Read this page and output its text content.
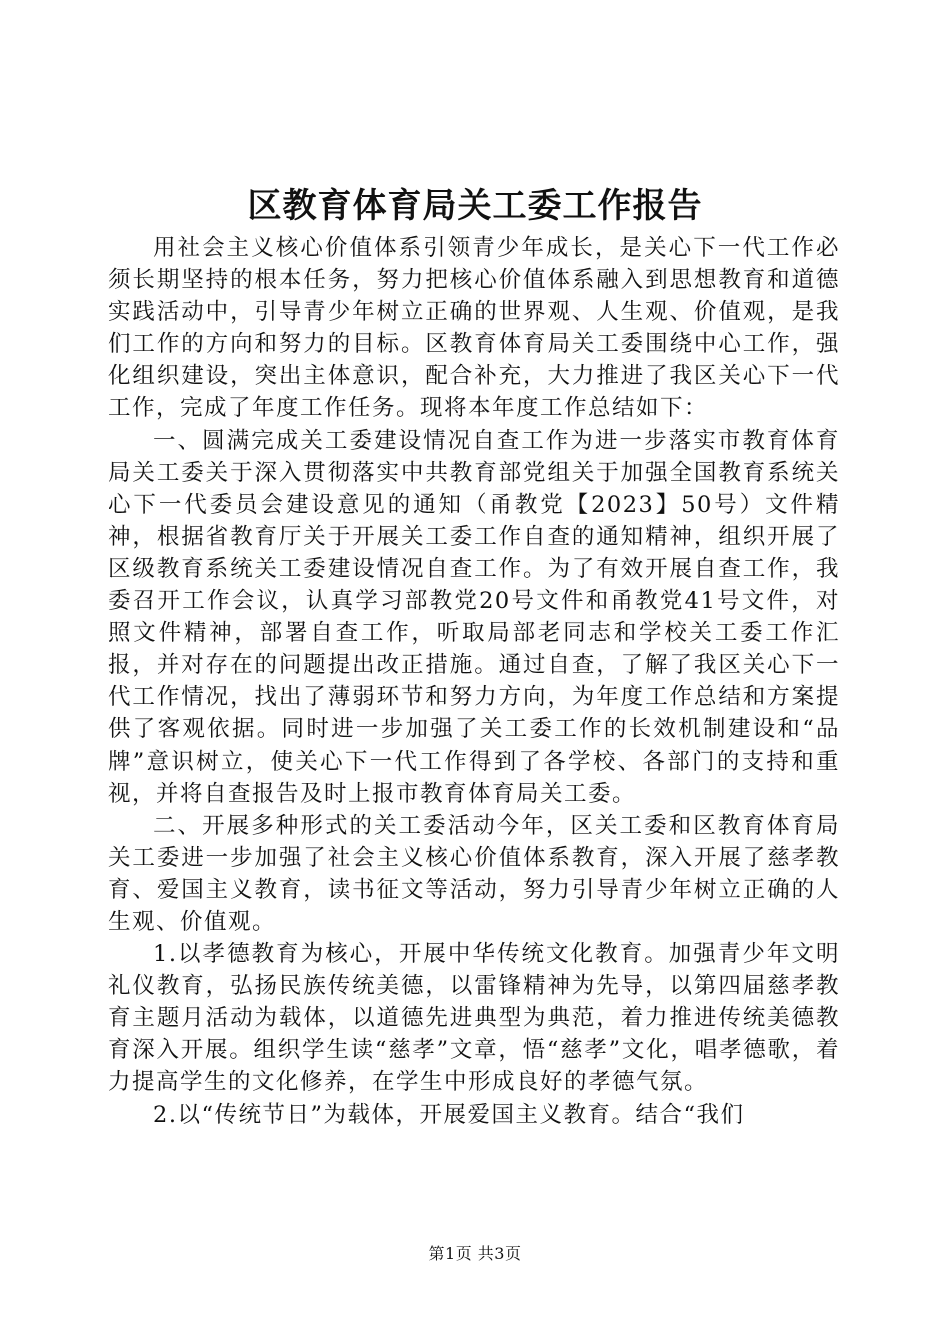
区教育体育局关工委工作报告

用社会主义核心价值体系引领青少年成长，是关心下一代工作必须长期坚持的根本任务，努力把核心价值体系融入到思想教育和道德实践活动中，引导青少年树立正确的世界观、人生观、价值观，是我们工作的方向和努力的目标。区教育体育局关工委围绕中心工作，强化组织建设，突出主体意识，配合补充，大力推进了我区关心下一代工作，完成了年度工作任务。现将本年度工作总结如下：

一、圆满完成关工委建设情况自查工作为进一步落实市教育体育局关工委关于深入贯彻落实中共教育部党组关于加强全国教育系统关心下一代委员会建设意见的通知（甬教党【2023】50号）文件精神，根据省教育厅关于开展关工委工作自查的通知精神，组织开展了区级教育系统关工委建设情况自查工作。为了有效开展自查工作，我委召开工作会议，认真学习部教党20号文件和甬教党41号文件，对照文件精神，部署自查工作，听取局部老同志和学校关工委工作汇报，并对存在的问题提出改正措施。通过自查，了解了我区关心下一代工作情况，找出了薄弱环节和努力方向，为年度工作总结和方案提供了客观依据。同时进一步加强了关工委工作的长效机制建设和“品牌”意识树立，使关心下一代工作得到了各学校、各部门的支持和重视，并将自查报告及时上报市教育体育局关工委。

二、开展多种形式的关工委活动今年，区关工委和区教育体育局关工委进一步加强了社会主义核心价值体系教育，深入开展了慈孝教育、爱国主义教育，读书征文等活动，努力引导青少年树立正确的人生观、价值观。

1.以孝德教育为核心，开展中华传统文化教育。加强青少年文明礼仪教育，弘扬民族传统美德，以雷锋精神为先导，以第四届慈孝教育主题月活动为载体，以道德先进典型为典范，着力推进传统美德教育深入开展。组织学生读“慈孝”文章，悟“慈孝”文化，唱孝德歌，着力提高学生的文化修养，在学生中形成良好的孝德气氛。

2.以“传统节日”为载体，开展爱国主义教育。结合“我们

第1页 共3页
